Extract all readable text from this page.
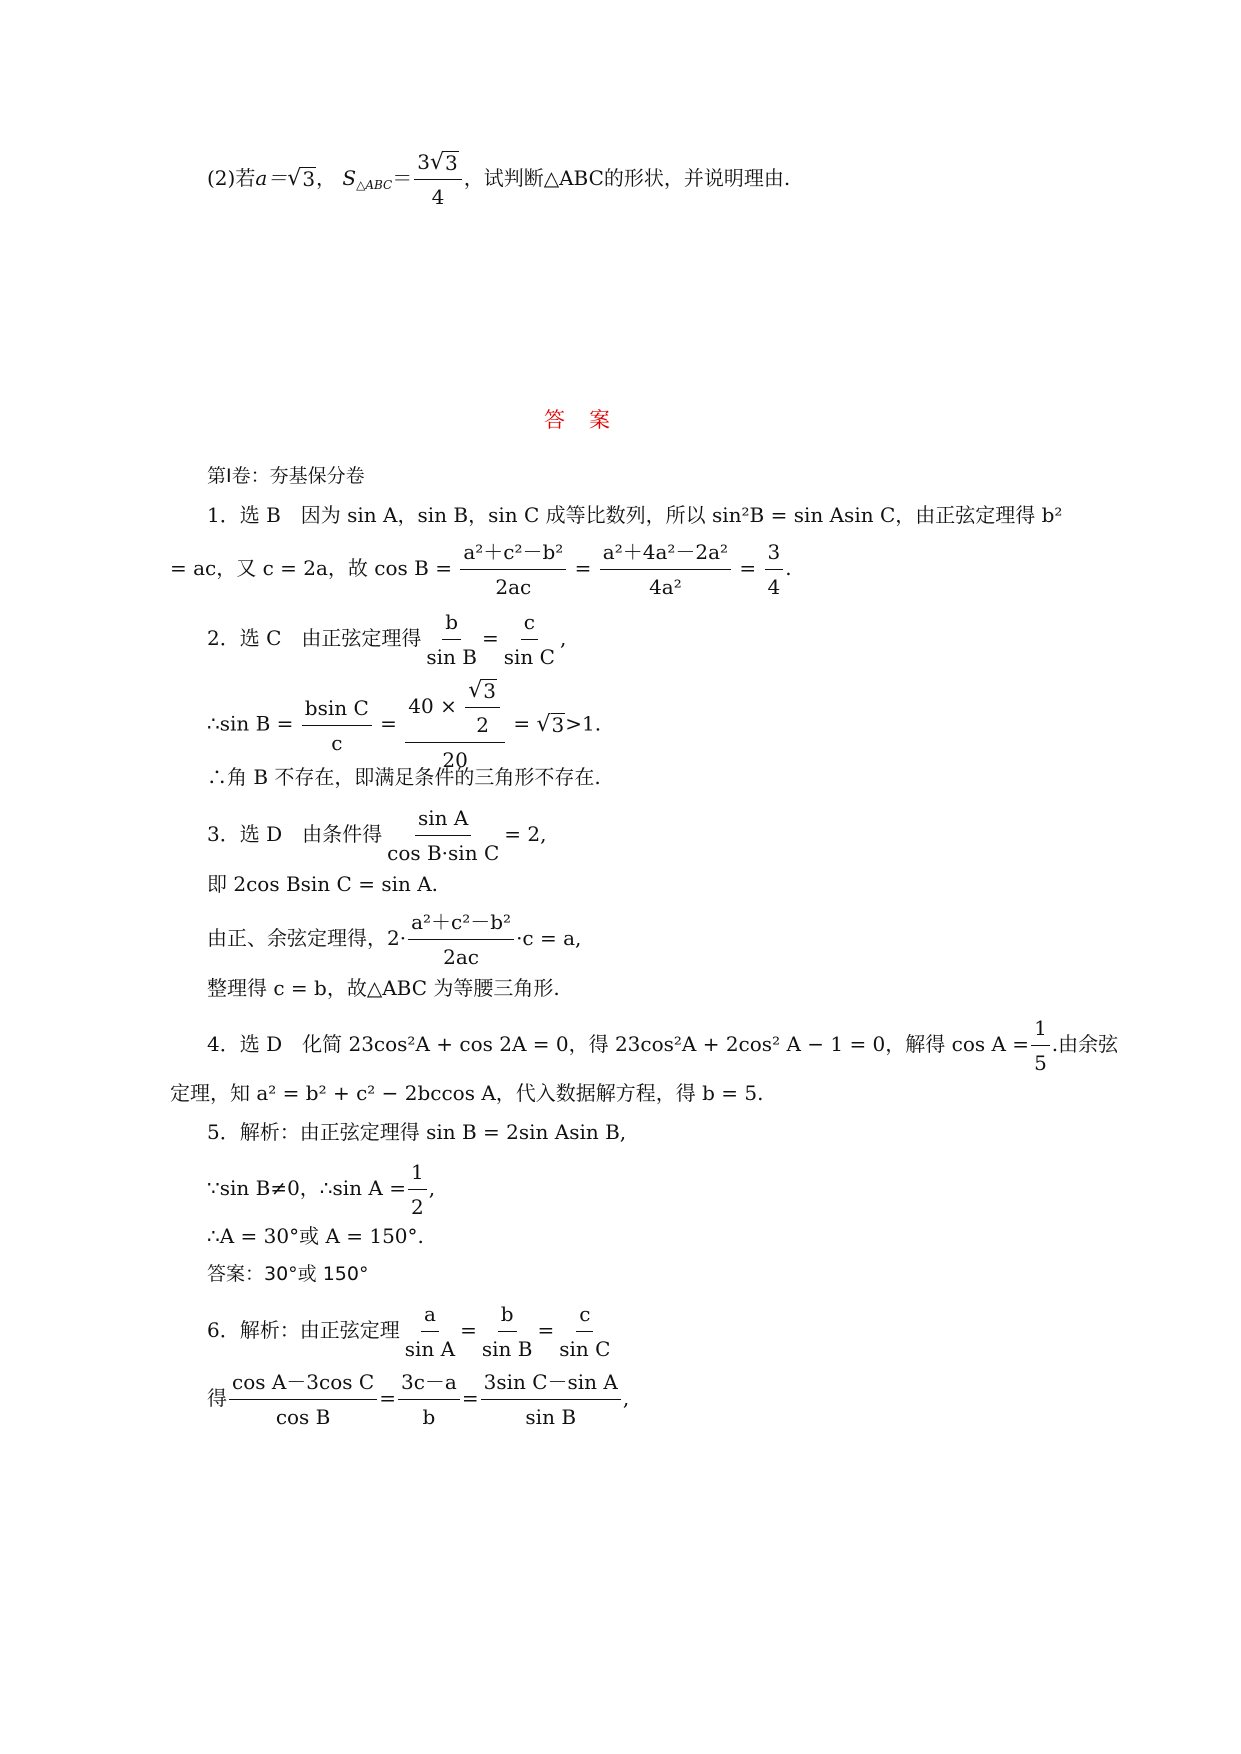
(2)若a＝ √ 3 ， $S_{\triangle ABC}= \frac{3 √ 3}{4}$ ，试判断△ABC的形状，并说明理由.
答案
第Ⅰ卷：夯基保分卷
1．选 B　因为 sin A，sin B，sin C 成等比数列，所以 sin²B = sin Asin C，由正弦定理得 b²
= ac，又 c = 2a，故 $\cos B = \frac{\text{a²＋c²－b²}}{2ac} = \frac{\text{a²＋4a²－2a²}}{\text{4a²}} = \frac{3}{4}$ .
2．选 C　由正弦定理得 $\frac{b}{\text{sin B}} = \frac{c}{\text{sin C}}$ ,
∴sin $B = \frac{\text{bsin C}}{c} = \frac{40 \times \frac{√ 3}{2}}{20}$ = √ 3 >1.
∴角 B 不存在，即满足条件的三角形不存在.
3．选 D　由条件得 $\frac{\text{sin A}}{\text{cos B·sin C}} = 2$,
即 2cos Bsin C = sin A.
由正、余弦定理得，$2\cdot \frac{\text{a²＋c²－b²}}{2ac} \cdot c = a$,
整理得 c = b，故△ABC 为等腰三角形.
4．选 D　化简 23cos²A + cos 2A = 0，得 23cos²A + 2cos² A − 1 = 0，解得 $\cos A = \frac{1}{5}$ .由余弦
定理，知 a² = b² + c² − 2bccos A，代入数据解方程，得 b = 5.
5．解析：由正弦定理得 sin B = 2sin Asin B,
∵sin B≠0，∴sin $A = \frac{1}{2}$ ,
∴A = 30°或 A = 150°.
答案：30°或 150°
6．解析：由正弦定理 $\frac{a}{\text{sin A}} = \frac{b}{\text{sin B}} = \frac{c}{\text{sin C}}$
得 $\frac{\text{cos A－3cos C}}{\text{cos B}} = \frac{3c-a}{b} = \frac{\text{3sin C－sin A}}{\text{sin B}}$ ,
